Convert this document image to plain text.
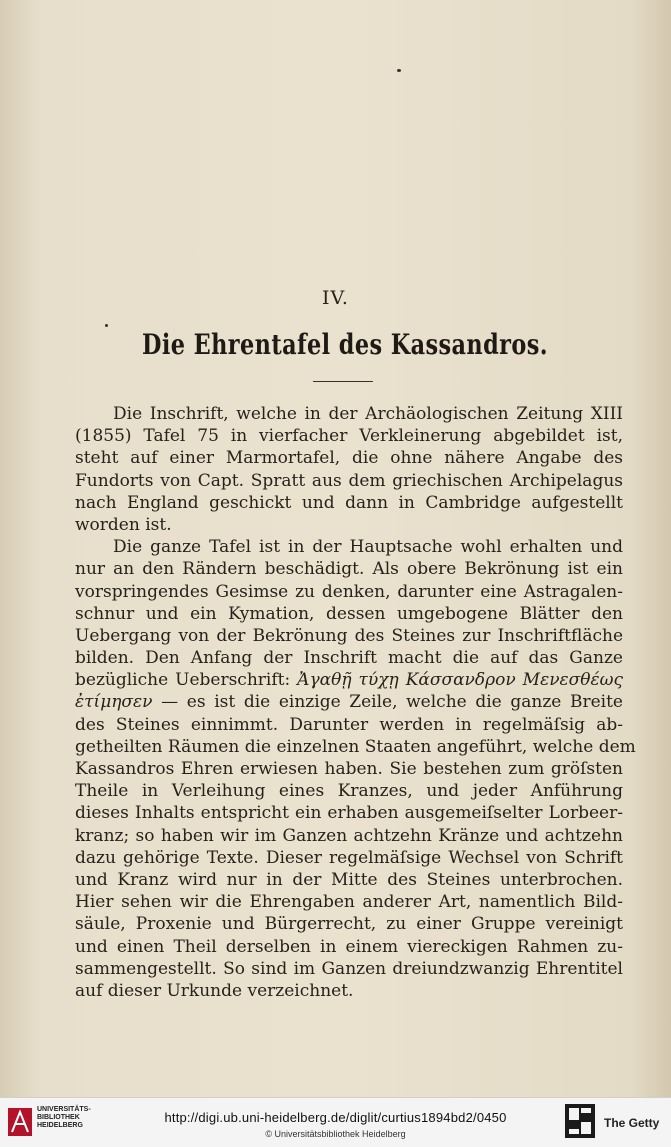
IV.
Die Ehrentafel des Kassandros.
Die Inschrift, welche in der Archäologischen Zeitung XIII
(1855) Tafel 75 in vierfacher Verkleinerung abgebildet ist,
steht auf einer Marmortafel, die ohne nähere Angabe des
Fundorts von Capt. Spratt aus dem griechischen Archipelagus
nach England geschickt und dann in Cambridge aufgestellt
worden ist.
Die ganze Tafel ist in der Hauptsache wohl erhalten und
nur an den Rändern beschädigt. Als obere Bekrönung ist ein
vorspringendes Gesimse zu denken, darunter eine Astragalen-
schnur und ein Kymation, dessen umgebogene Blätter den
Uebergang von der Bekrönung des Steines zur Inschriftfläche
bilden. Den Anfang der Inschrift macht die auf das Ganze
bezügliche Ueberschrift: Ἀγαθῇ τύχῃ Κάσσανδρον Μενεσθέως
ἐτίμησεν — es ist die einzige Zeile, welche die ganze Breite
des Steines einnimmt. Darunter werden in regelmäſsig ab-
getheilten Räumen die einzelnen Staaten angeführt, welche dem
Kassandros Ehren erwiesen haben. Sie bestehen zum gröſsten
Theile in Verleihung eines Kranzes, und jeder Anführung
dieses Inhalts entspricht ein erhaben ausgemeiſselter Lorbeer-
kranz; so haben wir im Ganzen achtzehn Kränze und achtzehn
dazu gehörige Texte. Dieser regelmäſsige Wechsel von Schrift
und Kranz wird nur in der Mitte des Steines unterbrochen.
Hier sehen wir die Ehrengaben anderer Art, namentlich Bild-
säule, Proxenie und Bürgerrecht, zu einer Gruppe vereinigt
und einen Theil derselben in einem viereckigen Rahmen zu-
sammengestellt. So sind im Ganzen dreiundzwanzig Ehrentitel
auf dieser Urkunde verzeichnet.
UNIVERSITÄTS-
BIBLIOTHEK
HEIDELBERG
http://digi.ub.uni-heidelberg.de/diglit/curtius1894bd2/0450
© Universitätsbibliothek Heidelberg
The Getty
